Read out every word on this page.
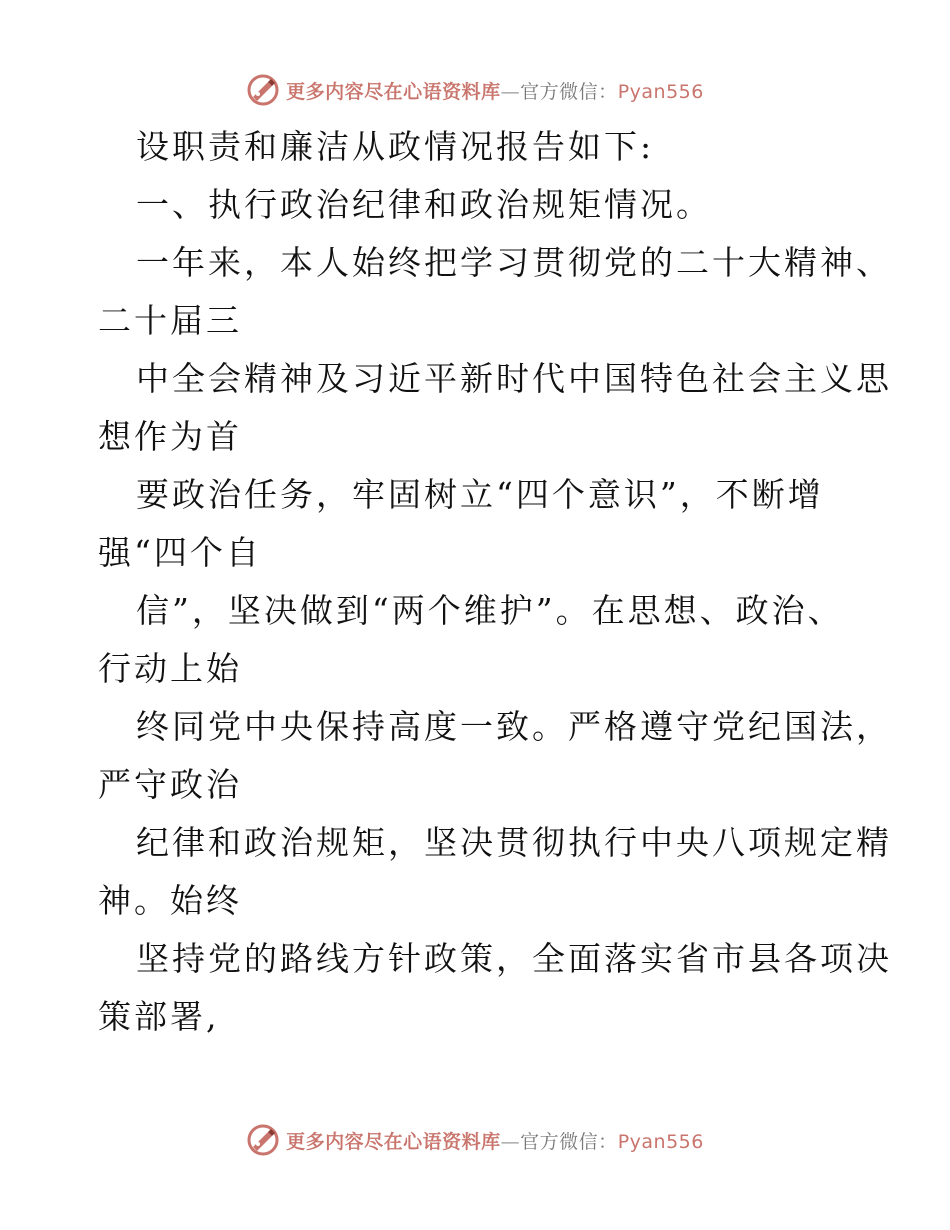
更多内容尽在心语资料库—官方微信：Pyan556
设职责和廉洁从政情况报告如下:
一、执行政治纪律和政治规矩情况。
一年来，本人始终把学习贯彻党的二十大精神、
二十届三
中全会精神及习近平新时代中国特色社会主义思
想作为首
要政治任务，牢固树立“四个意识”，不断增
强“四个自
信”，坚决做到“两个维护”。在思想、政治、
行动上始
终同党中央保持高度一致。严格遵守党纪国法，
严守政治
纪律和政治规矩，坚决贯彻执行中央八项规定精
神。始终
坚持党的路线方针政策，全面落实省市县各项决
策部署,
更多内容尽在心语资料库—官方微信：Pyan556
